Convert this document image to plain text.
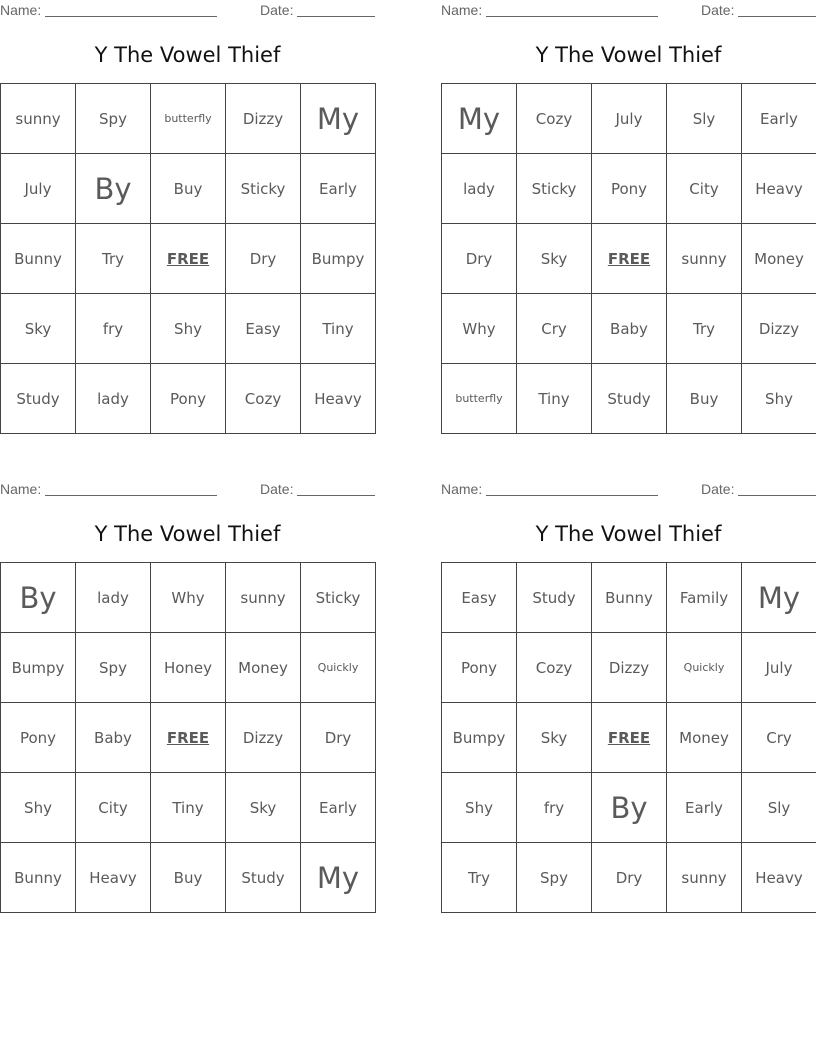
Name:	Date:
Y The Vowel Thief
sunny	Spy	butterfly	Dizzy	My
July	By	Buy	Sticky	Early
Bunny	Try	FREE	Dry	Bumpy
Sky	fry	Shy	Easy	Tiny
Study	lady	Pony	Cozy	Heavy
Name:	Date:
Y The Vowel Thief
My	Cozy	July	Sly	Early
lady	Sticky	Pony	City	Heavy
Dry	Sky	FREE	sunny	Money
Why	Cry	Baby	Try	Dizzy
butterfly	Tiny	Study	Buy	Shy
Name:	Date:
Y The Vowel Thief
By	lady	Why	sunny	Sticky
Bumpy	Spy	Honey	Money	Quickly
Pony	Baby	FREE	Dizzy	Dry
Shy	City	Tiny	Sky	Early
Bunny	Heavy	Buy	Study	My
Name:	Date:
Y The Vowel Thief
Easy	Study	Bunny	Family	My
Pony	Cozy	Dizzy	Quickly	July
Bumpy	Sky	FREE	Money	Cry
Shy	fry	By	Early	Sly
Try	Spy	Dry	sunny	Heavy
